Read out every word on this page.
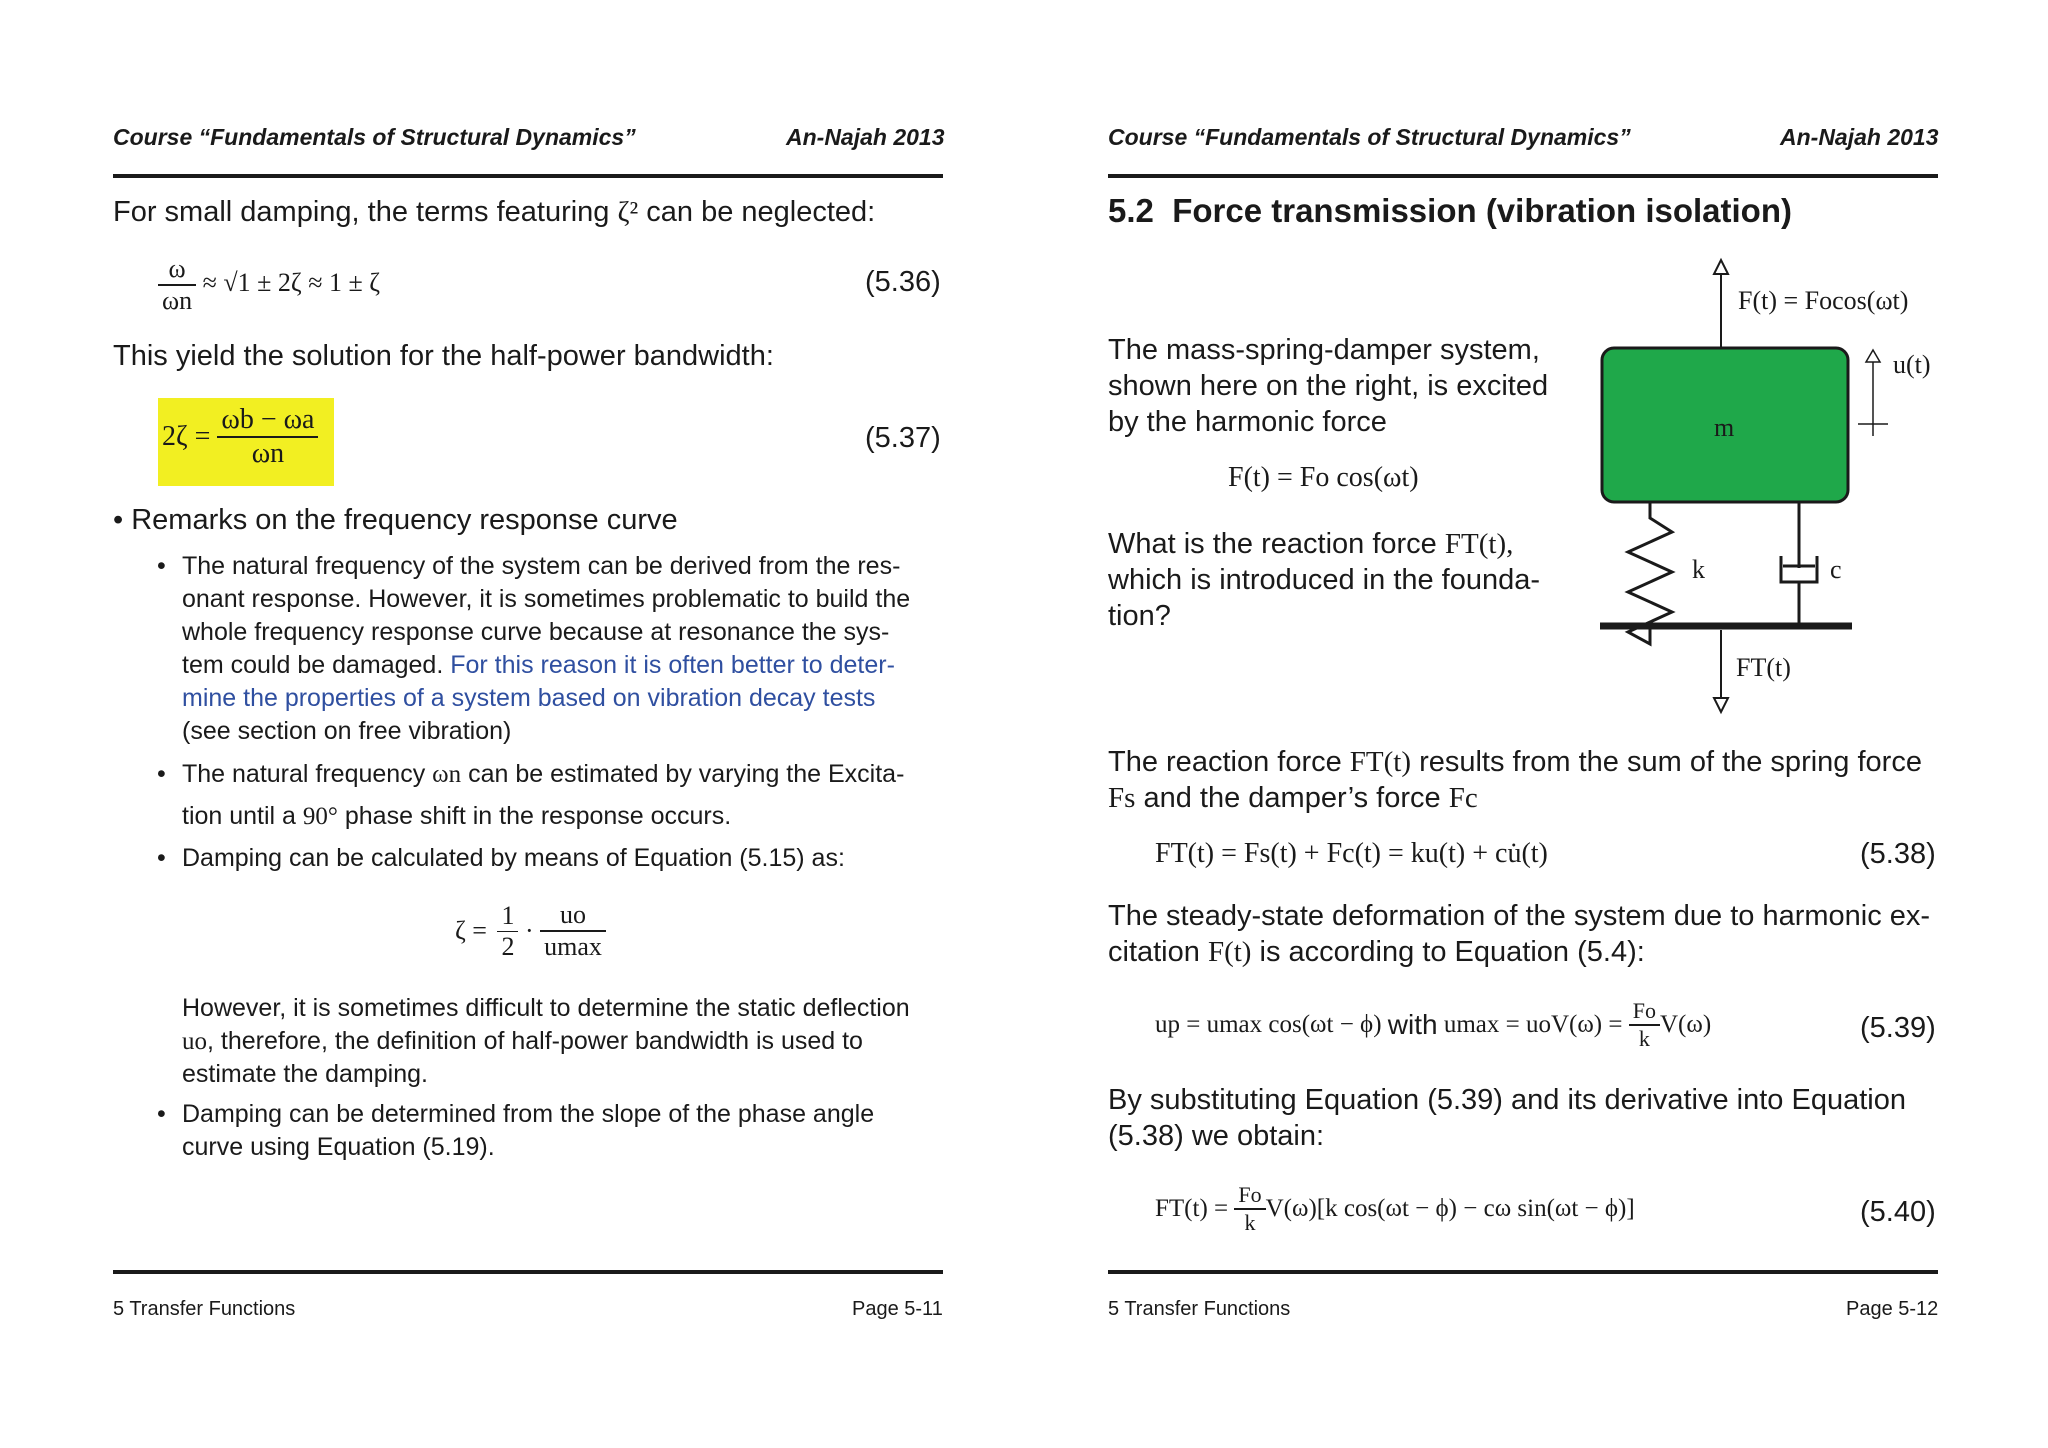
Course “Fundamentals of Structural Dynamics”	An-Najah 2013
For small damping, the terms featuring ζ² can be neglected:
$\frac{\omega}{\omega n} \approx √1 \pm 2\zeta \approx 1 \pm \zeta$	(5.36)
This yield the solution for the half-power bandwidth:
$2\zeta = \frac{\omega b - \omega a}{\omega n}$	(5.37)
• Remarks on the frequency response curve
• The natural frequency of the system can be derived from the res-
onant response. However, it is sometimes problematic to build the
whole frequency response curve because at resonance the sys-
tem could be damaged. For this reason it is often better to deter-
mine the properties of a system based on vibration decay tests
(see section on free vibration)
• The natural frequency ωn can be estimated by varying the Excita-
tion until a 90° phase shift in the response occurs.
• Damping can be calculated by means of Equation (5.15) as:
$\zeta = \frac{1}{2} \cdot \frac{uo}{umax}$
However, it is sometimes difficult to determine the static deflection
uo, therefore, the definition of half-power bandwidth is used to
estimate the damping.
• Damping can be determined from the slope of the phase angle
curve using Equation (5.19).
5 Transfer Functions	Page 5-11
Course “Fundamentals of Structural Dynamics”	An-Najah 2013
5.2 Force transmission (vibration isolation)
The mass-spring-damper system,
shown here on the right, is excited
by the harmonic force
F(t) = Fo cos(ωt)
What is the reaction force FT(t),
which is introduced in the founda-
tion?
F(t) = Focos(ωt)
m
u(t)
k	c
FT(t)
The reaction force FT(t) results from the sum of the spring force
Fs and the damper’s force Fc
FT(t) = Fs(t) + Fc(t) = ku(t) + cu̇(t)	(5.38)
The steady-state deformation of the system due to harmonic ex-
citation F(t) is according to Equation (5.4):
up = umax cos(ωt − ϕ) with $umax = uoV(\omega) = \frac{Fo}{k} V(\omega)$	(5.39)
By substituting Equation (5.39) and its derivative into Equation
(5.38) we obtain:
$FT(t) = \frac{Fo}{k} V(\omega)[k$ cos(ωt − ϕ) − cω sin(ωt − ϕ)]	(5.40)
5 Transfer Functions	Page 5-12
